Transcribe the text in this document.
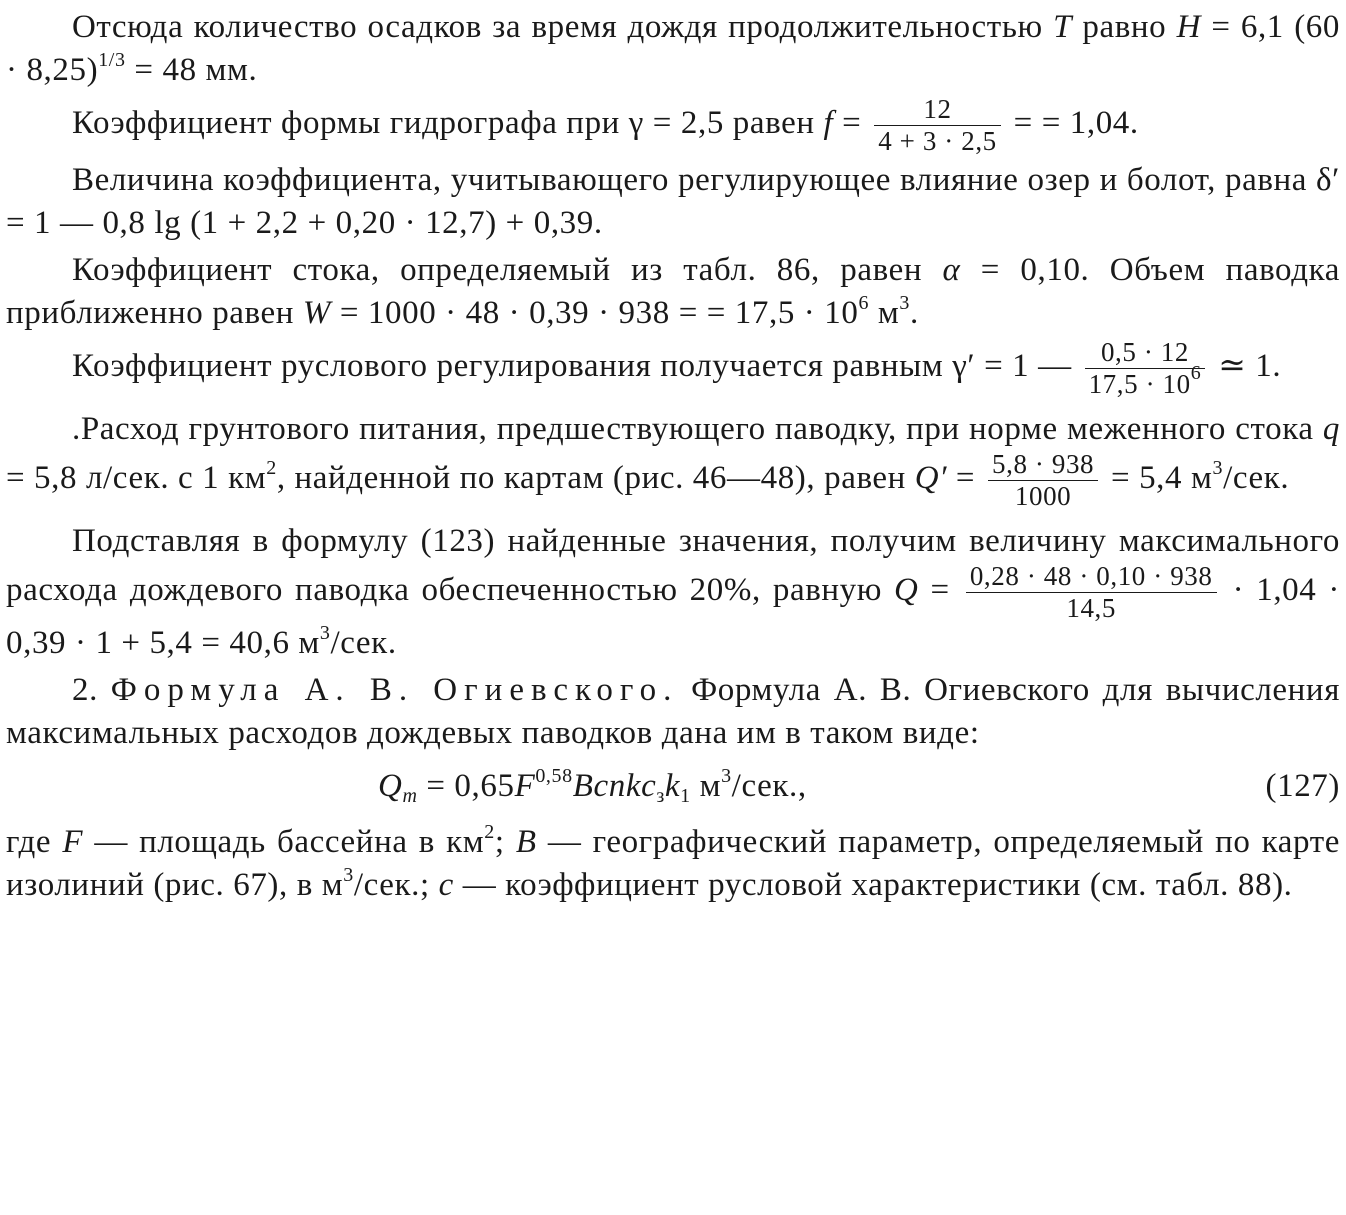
Отсюда количество осадков за время дождя продолжительностью T равно H = 6,1 $(60 \cdot 8,25)^{1/3} = 48$ мм.

Коэффициент формы гидрографа при γ = 2,5 равен $f = \frac{12}{4 + 3 \cdot 2,5}$ = = 1,04.

Величина коэффициента, учитывающего регулирующее влияние озер и болот, равна δ′ = 1 — 0,8 lg (1 + 2,2 + 0,20 · 12,7) + 0,39.

Коэффициент стока, определяемый из табл. 86, равен α = 0,10. Объем паводка приближенно равен W = 1000 · 48 · 0,39 · 938 = = $17,5 \cdot 10^6$ $м^3$.

Коэффициент руслового регулирования получается равным γ′ = 1 — $\frac{0,5 \cdot 12}{17,5 \cdot 10^6}$ ≃ 1.

.Расход грунтового питания, предшествующего паводку, при норме меженного стока q = 5,8 л/сек. с 1 $км^2$, найденной по картам (рис. 46—48), равен $Q' = \frac{5,8 \cdot 938}{1000} = 5,4$ $м^3$/сек.

Подставляя в формулу (123) найденные значения, получим величину максимального расхода дождевого паводка обеспеченностью 20%, равную $Q = \frac{0,28 \cdot 48 \cdot 0,10 \cdot 938}{14,5} \cdot 1,04 \cdot 0,39 \cdot 1 + 5,4 = 40,6$ $м^3$/сек.

2. Формула А. В. Огиевского. Формула А. В. Огиевского для вычисления максимальных расходов дождевых паводков дана им в таком виде:

$Q_m$ = $0,65F^{0,58}Bcnkc_зk_1$ $м^3$/сек.,	(127)

где F — площадь бассейна в $км^2$; B — географический параметр, определяемый по карте изолиний (рис. 67), в $м^3$/сек.; c — коэффициент русловой характеристики (см. табл. 88).
